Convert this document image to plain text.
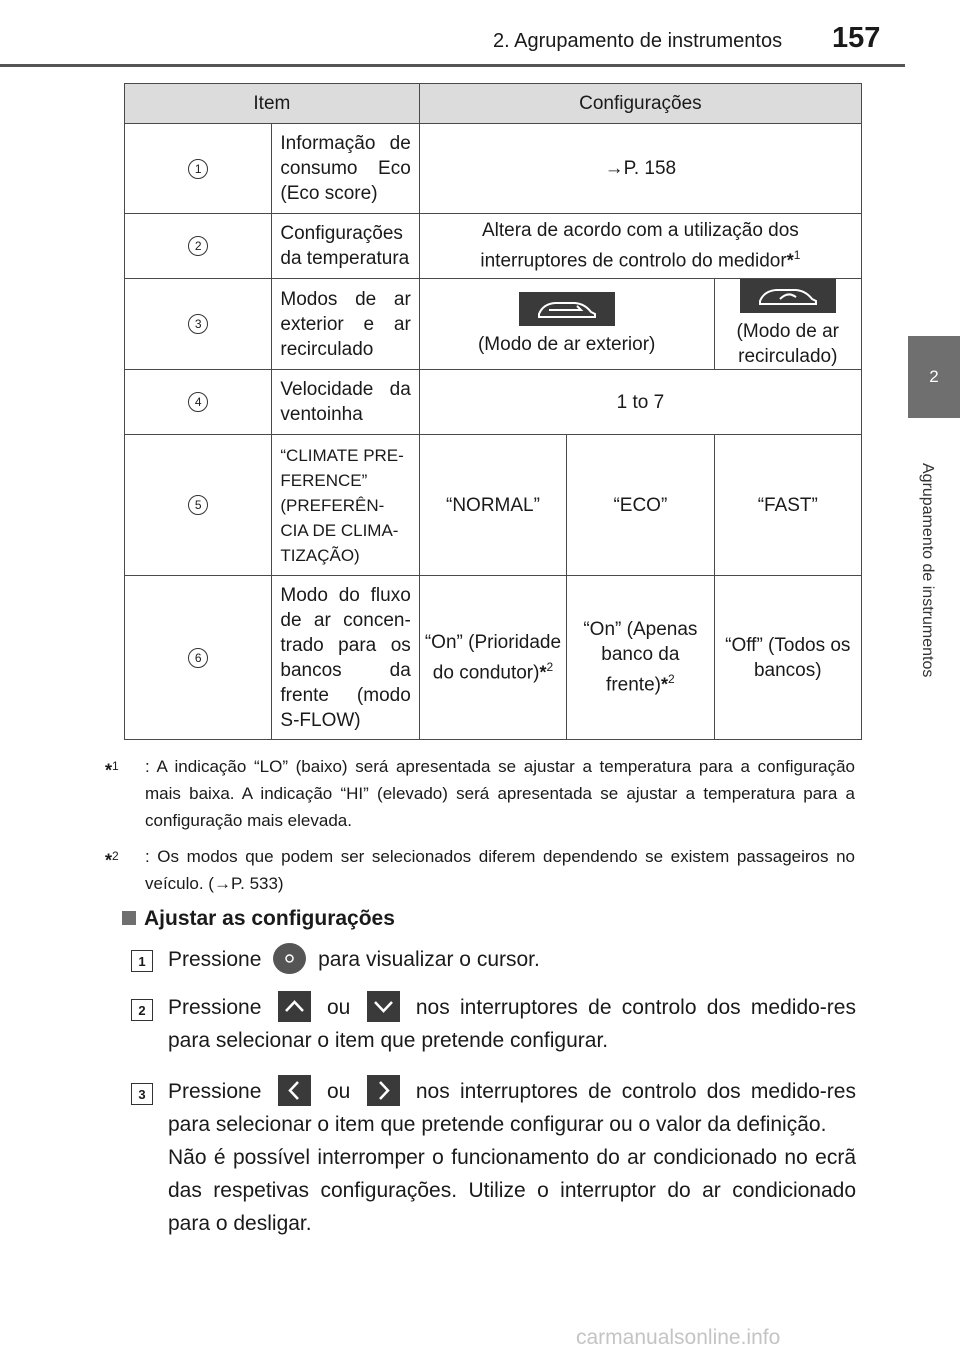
2. Agrupamento de instrumentos 157
2
Agrupamento de instrumentos
Item		Configurações		
1	Informação de consumo Eco (Eco score)	→P. 158		
2	Configurações da temperatura	Altera de acordo com a utilização dos interruptores de controlo do medidor*$^1$
3	Modos de ar exterior e ar recirculado	(Modo de ar exterior)		(Modo de ar recirculado)
4	Velocidade da ventoinha	1 to 7		
5	“CLIMATE PRE-FERENCE” (PREFERÊN-CIA DE CLIMA-TIZAÇÃO)	“NORMAL”	“ECO”	“FAST”
6	Modo do fluxo de ar concen-trado para os bancos da frente (modo S-FLOW)	“On” (Prioridade do condutor)*$^2$	“On” (Apenas banco da frente)*$^2$	“Off” (Todos os bancos)
*$^1$	: A indicação “LO” (baixo) será apresentada se ajustar a temperatura para a configuração mais baixa. A indicação “HI” (elevado) será apresentada se ajustar a temperatura para a configuração mais elevada.
*$^2$	: Os modos que podem ser selecionados diferem dependendo se existem passageiros no veículo. (→P. 533)
Ajustar as configurações
1	Pressione	para visualizar o cursor.
2	Pressione	ou	nos interruptores de controlo dos medido-res para selecionar o item que pretende configurar.
3	Pressione	ou	nos interruptores de controlo dos medido-res para selecionar o item que pretende configurar ou o valor da definição.
Não é possível interromper o funcionamento do ar condicionado no ecrã das respetivas configurações. Utilize o interruptor do ar condicionado para o desligar.
carmanualsonline.info
